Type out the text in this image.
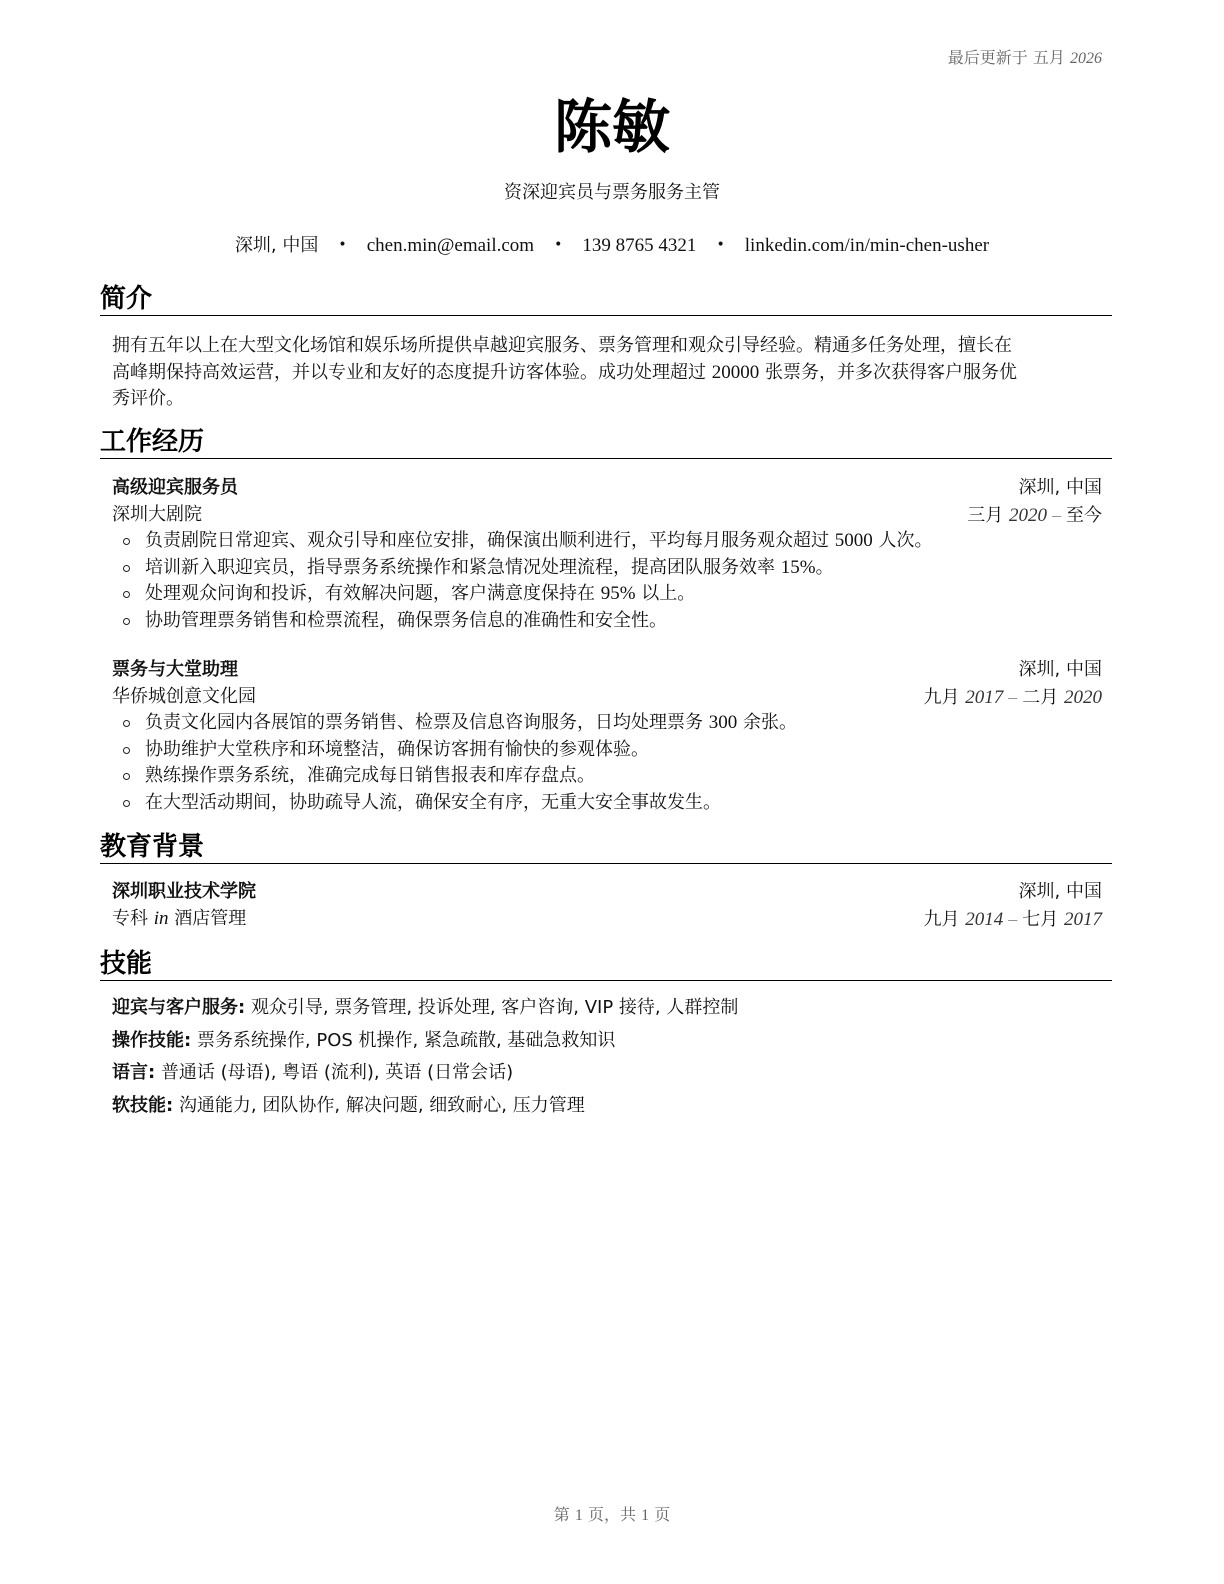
最后更新于 五月 2026
陈敏
资深迎宾员与票务服务主管
深圳, 中国 • chen.min@email.com • 139 8765 4321 • linkedin.com/in/min-chen-usher
简介
拥有五年以上在大型文化场馆和娱乐场所提供卓越迎宾服务、票务管理和观众引导经验。精通多任务处理，擅长在
高峰期保持高效运营，并以专业和友好的态度提升访客体验。成功处理超过 20000 张票务，并多次获得客户服务优
秀评价。
工作经历
高级迎宾服务员	深圳, 中国
深圳大剧院	三月 2020 – 至今
负责剧院日常迎宾、观众引导和座位安排，确保演出顺利进行，平均每月服务观众超过 5000 人次。
培训新入职迎宾员，指导票务系统操作和紧急情况处理流程，提高团队服务效率 15%。
处理观众问询和投诉，有效解决问题，客户满意度保持在 95% 以上。
协助管理票务销售和检票流程，确保票务信息的准确性和安全性。
票务与大堂助理	深圳, 中国
华侨城创意文化园	九月 2017 – 二月 2020
负责文化园内各展馆的票务销售、检票及信息咨询服务，日均处理票务 300 余张。
协助维护大堂秩序和环境整洁，确保访客拥有愉快的参观体验。
熟练操作票务系统，准确完成每日销售报表和库存盘点。
在大型活动期间，协助疏导人流，确保安全有序，无重大安全事故发生。
教育背景
深圳职业技术学院	深圳, 中国
专科 in 酒店管理	九月 2014 – 七月 2017
技能
迎宾与客户服务: 观众引导, 票务管理, 投诉处理, 客户咨询, VIP 接待, 人群控制
操作技能: 票务系统操作, POS 机操作, 紧急疏散, 基础急救知识
语言: 普通话 (母语), 粤语 (流利), 英语 (日常会话)
软技能: 沟通能力, 团队协作, 解决问题, 细致耐心, 压力管理
第 1 页，共 1 页
